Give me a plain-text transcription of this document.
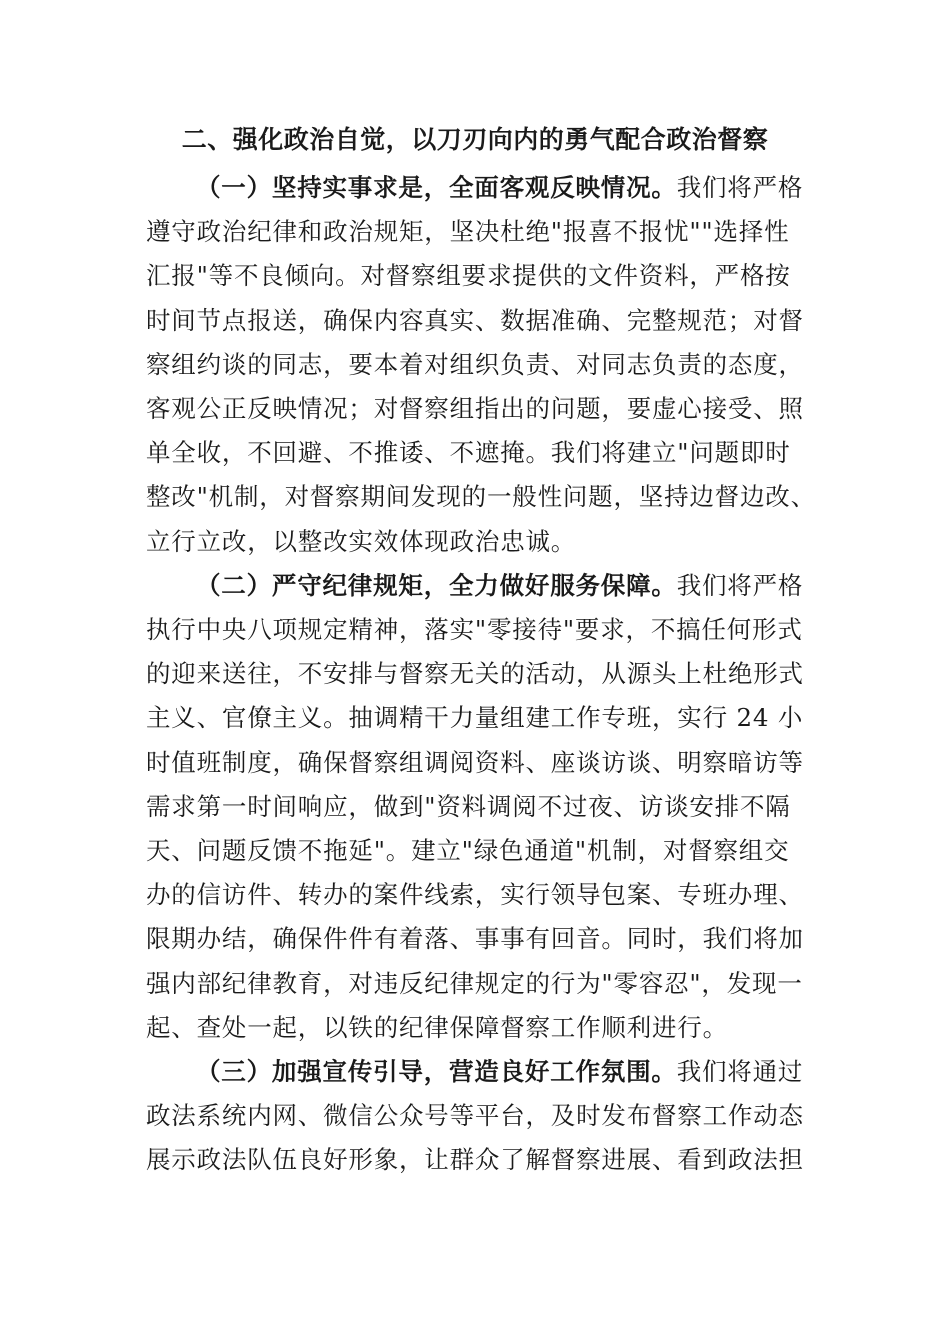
二、强化政治自觉，以刀刃向内的勇气配合政治督察
（一）坚持实事求是，全面客观反映情况。我们将严格
遵守政治纪律和政治规矩，坚决杜绝"报喜不报忧""选择性
汇报"等不良倾向。对督察组要求提供的文件资料，严格按
时间节点报送，确保内容真实、数据准确、完整规范；对督
察组约谈的同志，要本着对组织负责、对同志负责的态度，
客观公正反映情况；对督察组指出的问题，要虚心接受、照
单全收，不回避、不推诿、不遮掩。我们将建立"问题即时
整改"机制，对督察期间发现的一般性问题，坚持边督边改、
立行立改，以整改实效体现政治忠诚。
（二）严守纪律规矩，全力做好服务保障。我们将严格
执行中央八项规定精神，落实"零接待"要求，不搞任何形式
的迎来送往，不安排与督察无关的活动，从源头上杜绝形式
主义、官僚主义。抽调精干力量组建工作专班，实行 24 小
时值班制度，确保督察组调阅资料、座谈访谈、明察暗访等
需求第一时间响应，做到"资料调阅不过夜、访谈安排不隔
天、问题反馈不拖延"。建立"绿色通道"机制，对督察组交
办的信访件、转办的案件线索，实行领导包案、专班办理、
限期办结，确保件件有着落、事事有回音。同时，我们将加
强内部纪律教育，对违反纪律规定的行为"零容忍"，发现一
起、查处一起，以铁的纪律保障督察工作顺利进行。
（三）加强宣传引导，营造良好工作氛围。我们将通过
政法系统内网、微信公众号等平台，及时发布督察工作动态
展示政法队伍良好形象，让群众了解督察进展、看到政法担
